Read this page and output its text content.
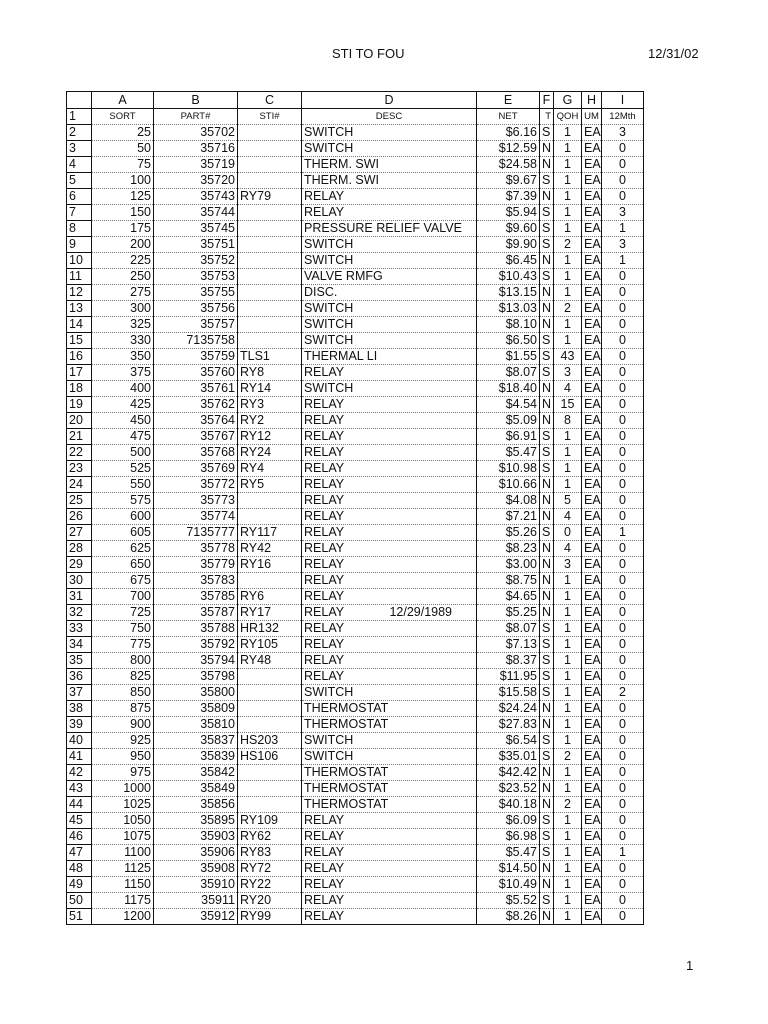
STI TO FOU	12/31/02
	A	B	C	D	E	F	G	H	I
1	SORT	PART#	STI#	DESC	NET	T	QOH	UM	12Mth
2	25	35702		SWITCH	$6.16	S	1	EA	3
3	50	35716		SWITCH	$12.59	N	1	EA	0
4	75	35719		THERM. SWI	$24.58	N	1	EA	0
5	100	35720		THERM. SWI	$9.67	S	1	EA	0
6	125	35743	RY79	RELAY	$7.39	N	1	EA	0
7	150	35744		RELAY	$5.94	S	1	EA	3
8	175	35745		PRESSURE RELIEF VALVE	$9.60	S	1	EA	1
9	200	35751		SWITCH	$9.90	S	2	EA	3
10	225	35752		SWITCH	$6.45	N	1	EA	1
11	250	35753		VALVE RMFG	$10.43	S	1	EA	0
12	275	35755		DISC.	$13.15	N	1	EA	0
13	300	35756		SWITCH	$13.03	N	2	EA	0
14	325	35757		SWITCH	$8.10	N	1	EA	0
15	330	7135758		SWITCH	$6.50	S	1	EA	0
16	350	35759	TLS1	THERMAL LI	$1.55	S	43	EA	0
17	375	35760	RY8	RELAY	$8.07	S	3	EA	0
18	400	35761	RY14	SWITCH	$18.40	N	4	EA	0
19	425	35762	RY3	RELAY	$4.54	N	15	EA	0
20	450	35764	RY2	RELAY	$5.09	N	8	EA	0
21	475	35767	RY12	RELAY	$6.91	S	1	EA	0
22	500	35768	RY24	RELAY	$5.47	S	1	EA	0
23	525	35769	RY4	RELAY	$10.98	S	1	EA	0
24	550	35772	RY5	RELAY	$10.66	N	1	EA	0
25	575	35773		RELAY	$4.08	N	5	EA	0
26	600	35774		RELAY	$7.21	N	4	EA	0
27	605	7135777	RY117	RELAY	$5.26	S	0	EA	1
28	625	35778	RY42	RELAY	$8.23	N	4	EA	0
29	650	35779	RY16	RELAY	$3.00	N	3	EA	0
30	675	35783		RELAY	$8.75	N	1	EA	0
31	700	35785	RY6	RELAY	$4.65	N	1	EA	0
32	725	35787	RY17	RELAY 12/29/1989	$5.25	N	1	EA	0
33	750	35788	HR132	RELAY	$8.07	S	1	EA	0
34	775	35792	RY105	RELAY	$7.13	S	1	EA	0
35	800	35794	RY48	RELAY	$8.37	S	1	EA	0
36	825	35798		RELAY	$11.95	S	1	EA	0
37	850	35800		SWITCH	$15.58	S	1	EA	2
38	875	35809		THERMOSTAT	$24.24	N	1	EA	0
39	900	35810		THERMOSTAT	$27.83	N	1	EA	0
40	925	35837	HS203	SWITCH	$6.54	S	1	EA	0
41	950	35839	HS106	SWITCH	$35.01	S	2	EA	0
42	975	35842		THERMOSTAT	$42.42	N	1	EA	0
43	1000	35849		THERMOSTAT	$23.52	N	1	EA	0
44	1025	35856		THERMOSTAT	$40.18	N	2	EA	0
45	1050	35895	RY109	RELAY	$6.09	S	1	EA	0
46	1075	35903	RY62	RELAY	$6.98	S	1	EA	0
47	1100	35906	RY83	RELAY	$5.47	S	1	EA	1
48	1125	35908	RY72	RELAY	$14.50	N	1	EA	0
49	1150	35910	RY22	RELAY	$10.49	N	1	EA	0
50	1175	35911	RY20	RELAY	$5.52	S	1	EA	0
51	1200	35912	RY99	RELAY	$8.26	N	1	EA	0
1
